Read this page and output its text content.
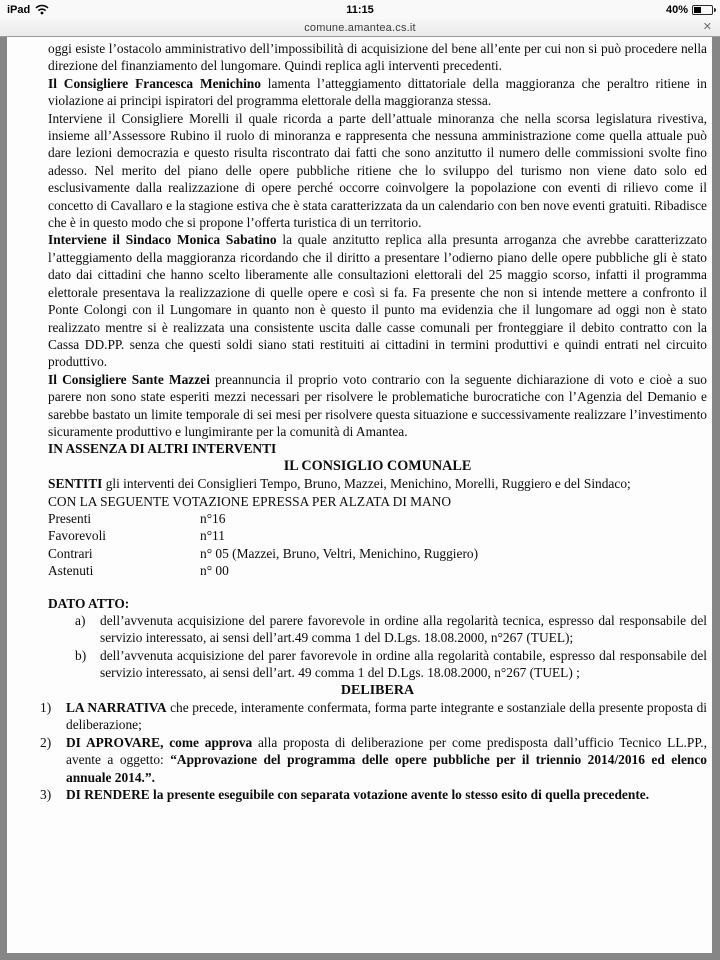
iPad	11:15	40%
comune.amantea.cs.it	✕

oggi esiste l’ostacolo amministrativo dell’impossibilità di acquisizione del bene all’ente per cui non si può procedere nella direzione del finanziamento del lungomare. Quindi replica agli interventi precedenti.

Il Consigliere Francesca Menichino lamenta l’atteggiamento dittatoriale della maggioranza che peraltro ritiene in violazione ai principi ispiratori del programma elettorale della maggioranza stessa.

Interviene il Consigliere Morelli il quale ricorda a parte dell’attuale minoranza che nella scorsa legislatura rivestiva, insieme all’Assessore Rubino il ruolo di minoranza e rappresenta che nessuna amministrazione come quella attuale può dare lezioni democrazia e questo risulta riscontrato dai fatti che sono anzitutto il numero delle commissioni svolte fino adesso. Nel merito del piano delle opere pubbliche ritiene che lo sviluppo del turismo non viene dato solo ed esclusivamente dalla realizzazione di opere perché occorre coinvolgere la popolazione con eventi di rilievo come il concetto di Cavallaro e la stagione estiva che è stata caratterizzata da un calendario con ben nove eventi gratuiti. Ribadisce che è in questo modo che si propone l’offerta turistica di un territorio.

Interviene il Sindaco Monica Sabatino la quale anzitutto replica alla presunta arroganza che avrebbe caratterizzato l’atteggiamento della maggioranza ricordando che il diritto a presentare l’odierno piano delle opere pubbliche gli è stato dato dai cittadini che hanno scelto liberamente alle consultazioni elettorali del 25 maggio scorso, infatti il programma elettorale presentava la realizzazione di quelle opere e così si fa. Fa presente che non si intende mettere a confronto il Ponte Colongi con il Lungomare in quanto non è questo il punto ma evidenzia che il lungomare ad oggi non è stato realizzato mentre si è realizzata una consistente uscita dalle casse comunali per fronteggiare il debito contratto con la Cassa DD.PP. senza che questi soldi siano stati restituiti ai cittadini in termini produttivi e quindi entrati nel circuito produttivo.

Il Consigliere Sante Mazzei preannuncia il proprio voto contrario con la seguente dichiarazione di voto e cioè a suo parere non sono state esperiti mezzi necessari per risolvere le problematiche burocratiche con l’Agenzia del Demanio e sarebbe bastato un limite temporale di sei mesi per risolvere questa situazione e successivamente realizzare l’investimento sicuramente produttivo e lungimirante per la comunità di Amantea.

IN ASSENZA DI ALTRI INTERVENTI

IL CONSIGLIO COMUNALE

SENTITI gli interventi dei Consiglieri Tempo, Bruno, Mazzei, Menichino, Morelli, Ruggiero e del Sindaco;

CON LA SEGUENTE VOTAZIONE EPRESSA PER ALZATA DI MANO

Presenti	n°16
Favorevoli	n°11
Contrari	n° 05 (Mazzei, Bruno, Veltri, Menichino, Ruggiero)
Astenuti	n° 00

DATO ATTO:

a)	dell’avvenuta acquisizione del parere favorevole in ordine alla regolarità tecnica, espresso dal responsabile del servizio interessato, ai sensi dell’art.49 comma 1 del D.Lgs. 18.08.2000, n°267 (TUEL);
b)	dell’avvenuta acquisizione del parer favorevole in ordine alla regolarità contabile, espresso dal responsabile del servizio interessato, ai sensi dell’art. 49 comma 1 del D.Lgs. 18.08.2000, n°267 (TUEL) ;

DELIBERA

1)	LA NARRATIVA che precede, interamente confermata, forma parte integrante e sostanziale della presente proposta di deliberazione;
2)	DI APROVARE, come approva alla proposta di deliberazione per come predisposta dall’ufficio Tecnico LL.PP., avente a oggetto: “Approvazione del programma delle opere pubbliche per il triennio 2014/2016 ed elenco annuale 2014.”.
3)	DI RENDERE la presente eseguibile con separata votazione avente lo stesso esito di quella precedente.
